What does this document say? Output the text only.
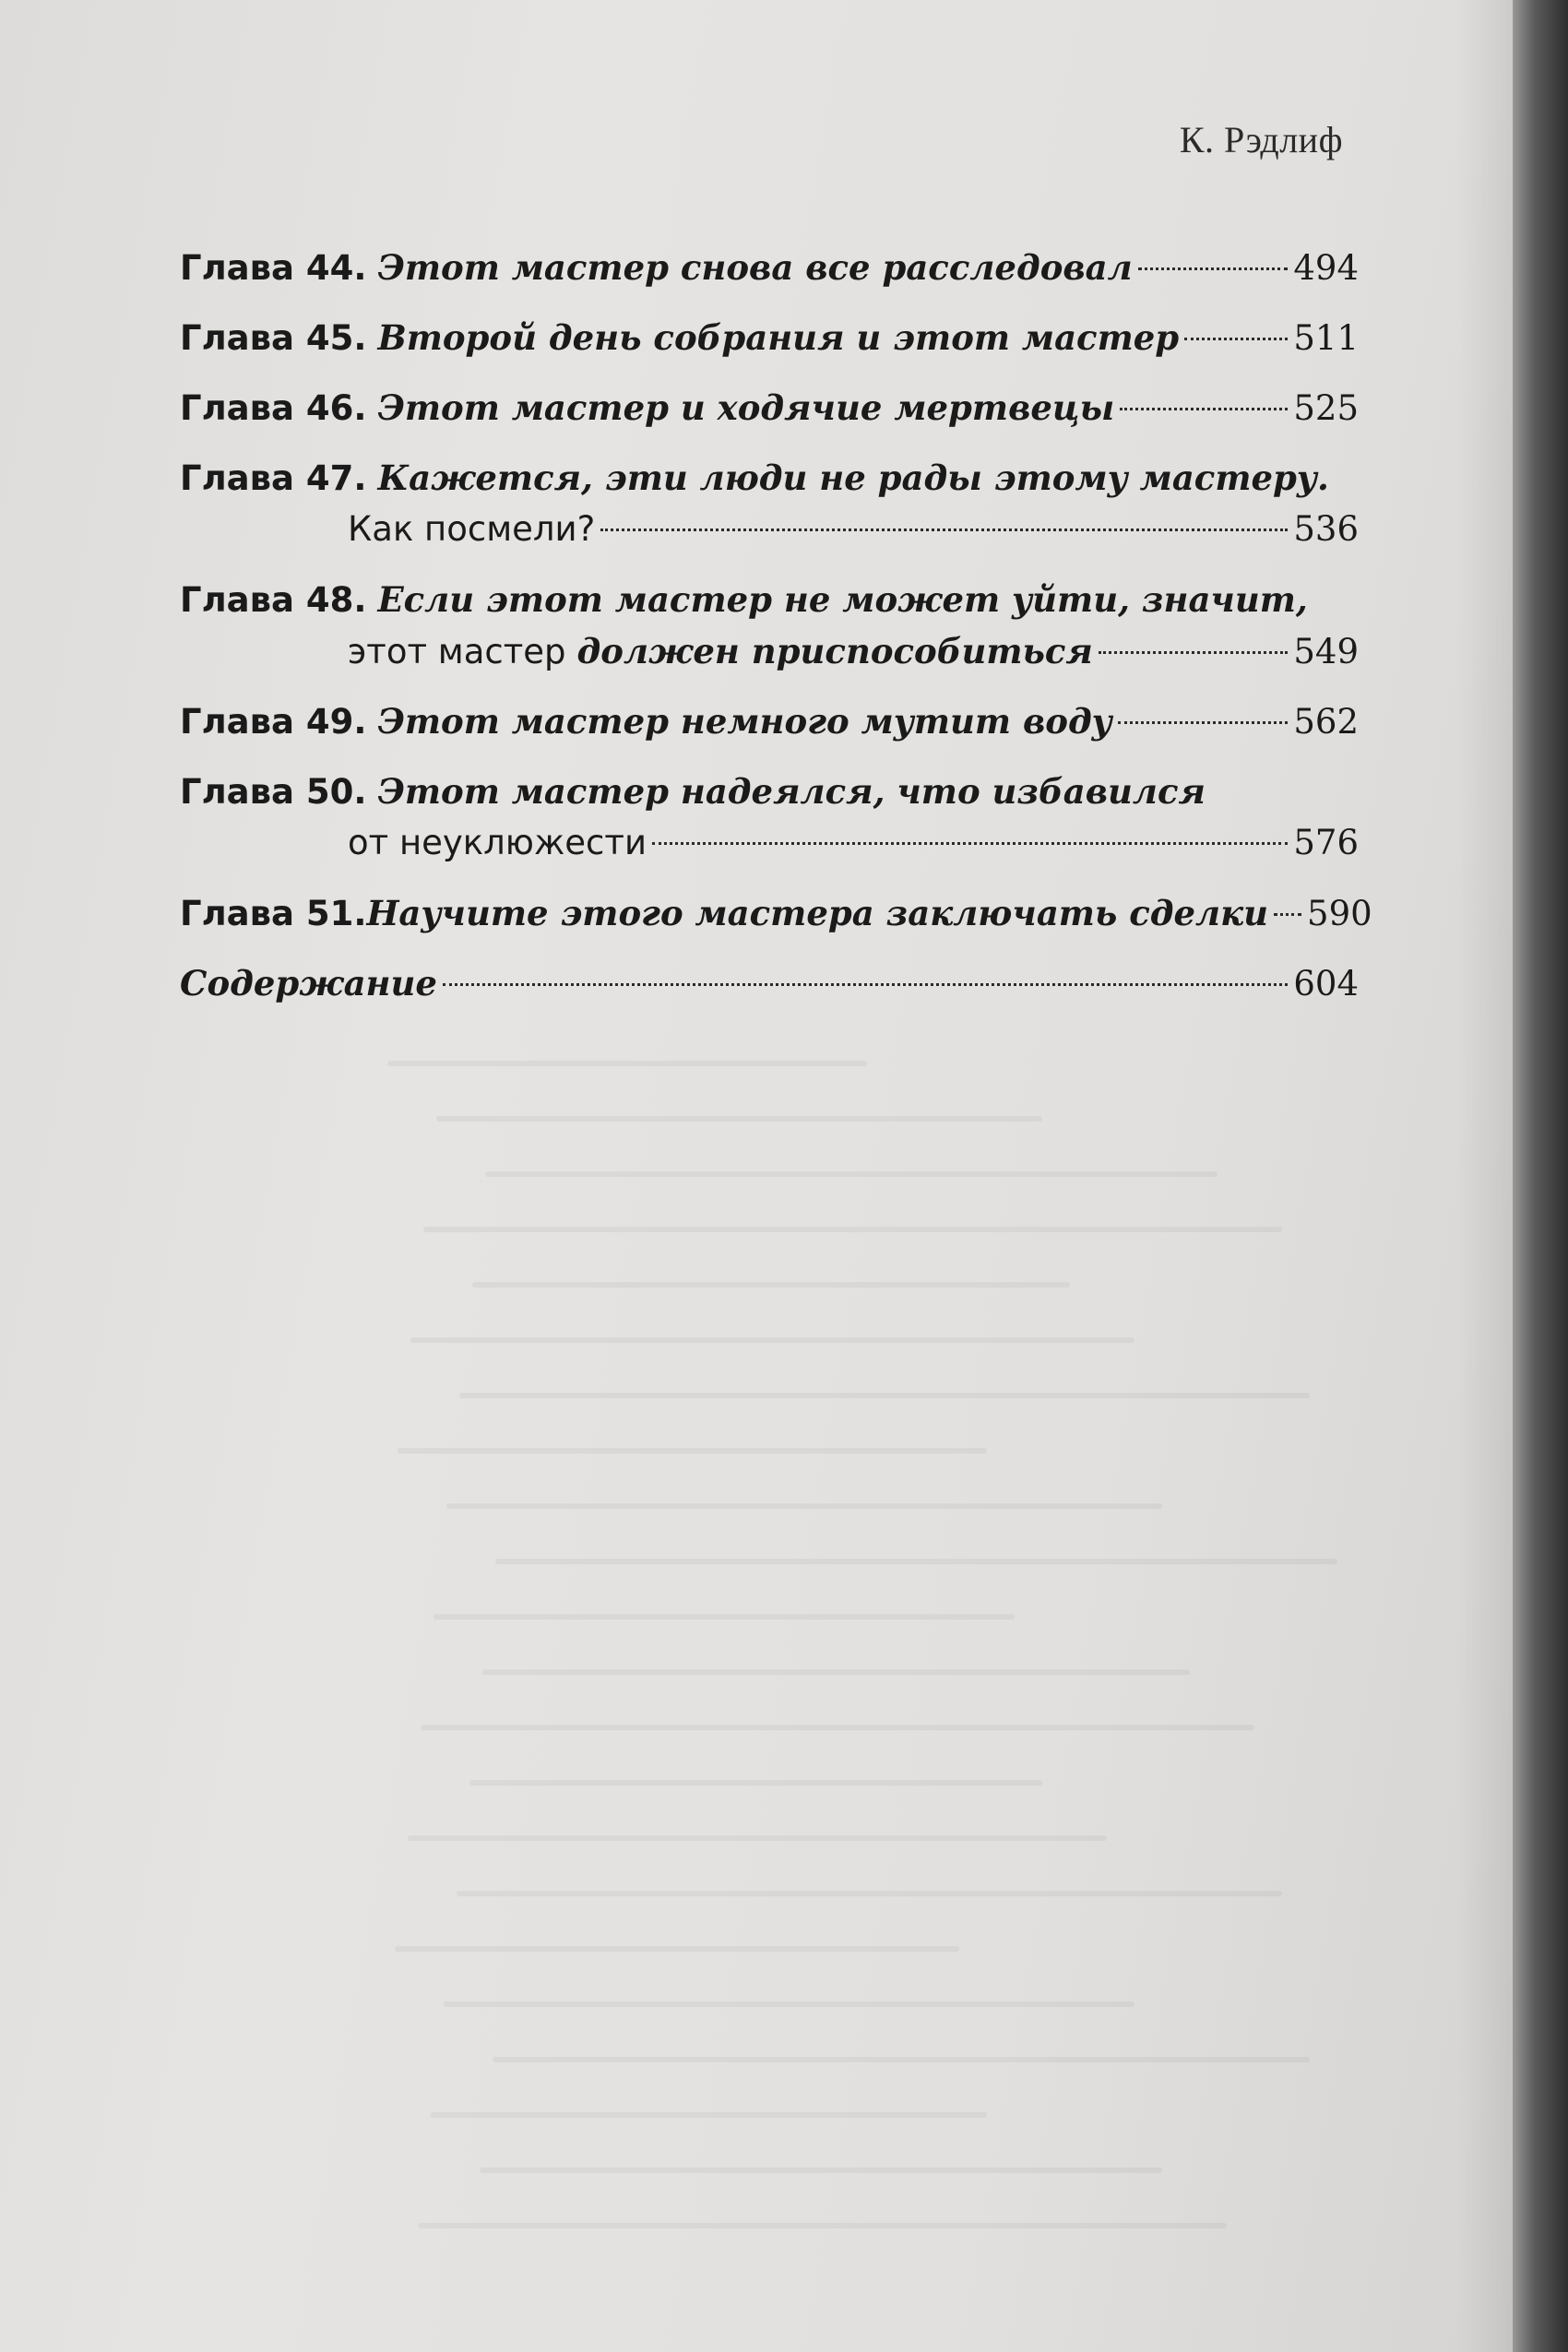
К. Рэдлиф
Глава 44. Этот мастер снова все расследовал	494
Глава 45. Второй день собрания и этот мастер	511
Глава 46. Этот мастер и ходячие мертвецы	525
Глава 47. Кажется, эти люди не рады этому мастеру.
Как посмели?	536
Глава 48. Если этот мастер не может уйти, значит,
этот мастер должен приспособиться	549
Глава 49. Этот мастер немного мутит воду	562
Глава 50. Этот мастер надеялся, что избавился
от неуклюжести	576
Глава 51. Научите этого мастера заключать сделки 590
Содержание	604
